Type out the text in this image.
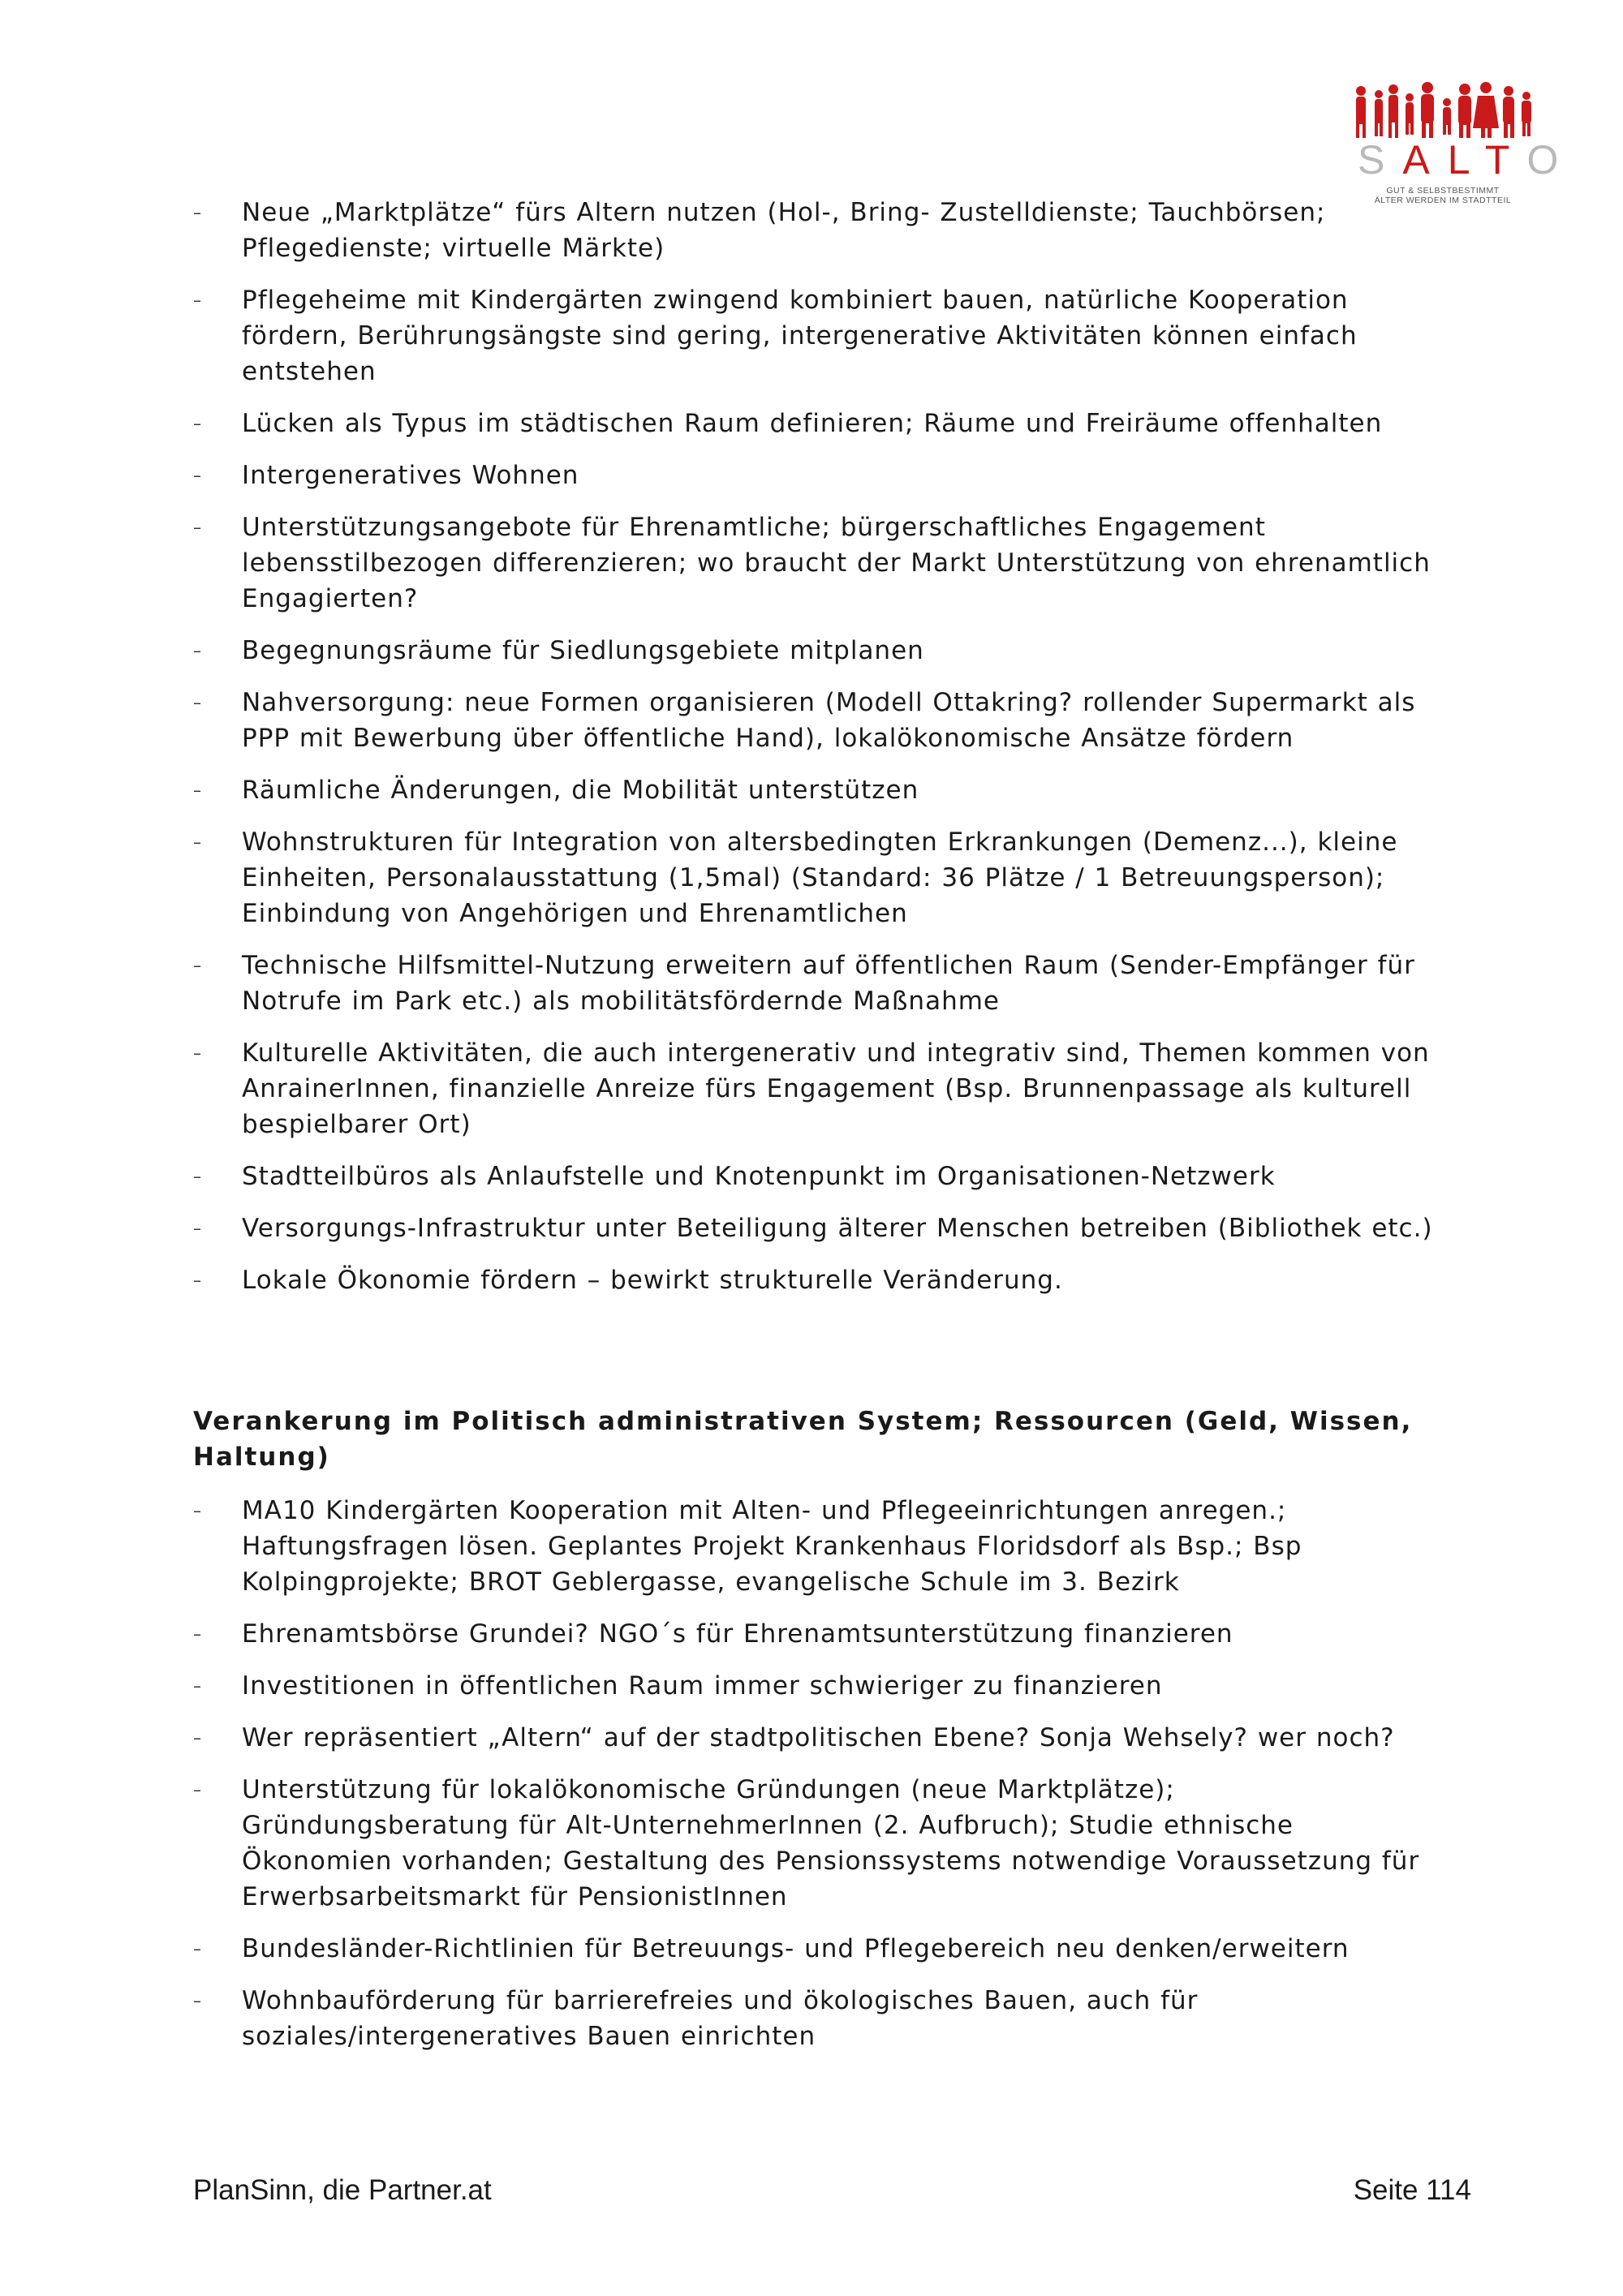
SALTO
GUT & SELBSTBESTIMMT
ÄLTER WERDEN IM STADTTEIL
– Neue „Marktplätze“ fürs Altern nutzen (Hol-, Bring- Zustelldienste; Tauchbörsen; Pflegedienste; virtuelle Märkte)
– Pflegeheime mit Kindergärten zwingend kombiniert bauen, natürliche Kooperation fördern, Berührungsängste sind gering, intergenerative Aktivitäten können einfach entstehen
– Lücken als Typus im städtischen Raum definieren; Räume und Freiräume offenhalten
– Intergeneratives Wohnen
– Unterstützungsangebote für Ehrenamtliche; bürgerschaftliches Engagement lebensstilbezogen differenzieren; wo braucht der Markt Unterstützung von ehrenamtlich Engagierten?
– Begegnungsräume für Siedlungsgebiete mitplanen
– Nahversorgung: neue Formen organisieren (Modell Ottakring? rollender Supermarkt als PPP mit Bewerbung über öffentliche Hand), lokalökonomische Ansätze fördern
– Räumliche Änderungen, die Mobilität unterstützen
– Wohnstrukturen für Integration von altersbedingten Erkrankungen (Demenz...), kleine Einheiten, Personalausstattung (1,5mal) (Standard: 36 Plätze / 1 Betreuungsperson); Einbindung von Angehörigen und Ehrenamtlichen
– Technische Hilfsmittel-Nutzung erweitern auf öffentlichen Raum (Sender-Empfänger für Notrufe im Park etc.) als mobilitätsfördernde Maßnahme
– Kulturelle Aktivitäten, die auch intergenerativ und integrativ sind, Themen kommen von AnrainerInnen, finanzielle Anreize fürs Engagement (Bsp. Brunnenpassage als kulturell bespielbarer Ort)
– Stadtteilbüros als Anlaufstelle und Knotenpunkt im Organisationen-Netzwerk
– Versorgungs-Infrastruktur unter Beteiligung älterer Menschen betreiben (Bibliothek etc.)
– Lokale Ökonomie fördern – bewirkt strukturelle Veränderung.
Verankerung im Politisch administrativen System; Ressourcen (Geld, Wissen, Haltung)
– MA10 Kindergärten Kooperation mit Alten- und Pflegeeinrichtungen anregen.; Haftungsfragen lösen. Geplantes Projekt Krankenhaus Floridsdorf als Bsp.; Bsp Kolpingprojekte; BROT Geblergasse, evangelische Schule im 3. Bezirk
– Ehrenamtsbörse Grundei? NGO´s für Ehrenamtsunterstützung finanzieren
– Investitionen in öffentlichen Raum immer schwieriger zu finanzieren
– Wer repräsentiert „Altern“ auf der stadtpolitischen Ebene? Sonja Wehsely? wer noch?
– Unterstützung für lokalökonomische Gründungen (neue Marktplätze); Gründungsberatung für Alt-UnternehmerInnen (2. Aufbruch); Studie ethnische Ökonomien vorhanden; Gestaltung des Pensionssystems notwendige Voraussetzung für Erwerbsarbeitsmarkt für PensionistInnen
– Bundesländer-Richtlinien für Betreuungs- und Pflegebereich neu denken/erweitern
– Wohnbauförderung für barrierefreies und ökologisches Bauen, auch für soziales/intergeneratives Bauen einrichten
PlanSinn, die Partner.at	Seite 114
